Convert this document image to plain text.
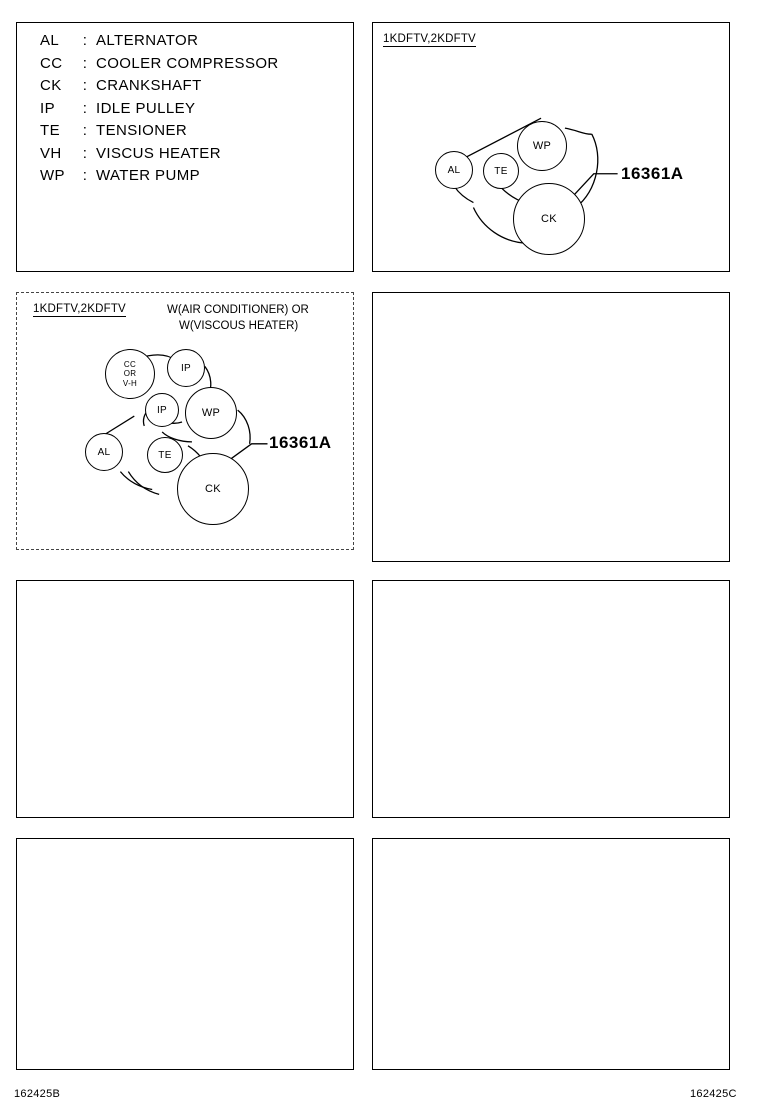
AL	: ALTERNATOR
CC	: COOLER COMPRESSOR
CK	: CRANKSHAFT
IP	: IDLE PULLEY
TE	: TENSIONER
VH	: VISCUS HEATER
WP	: WATER PUMP
1KDFTV,2KDFTV
WP
AL	TE
CK
16361A
1KDFTV,2KDFTV	W(AIR CONDITIONER) OR
W(VISCOUS HEATER)
CC
OR
V-H
IP
IP	WP
AL	TE
CK
16361A
162425B	162425C
